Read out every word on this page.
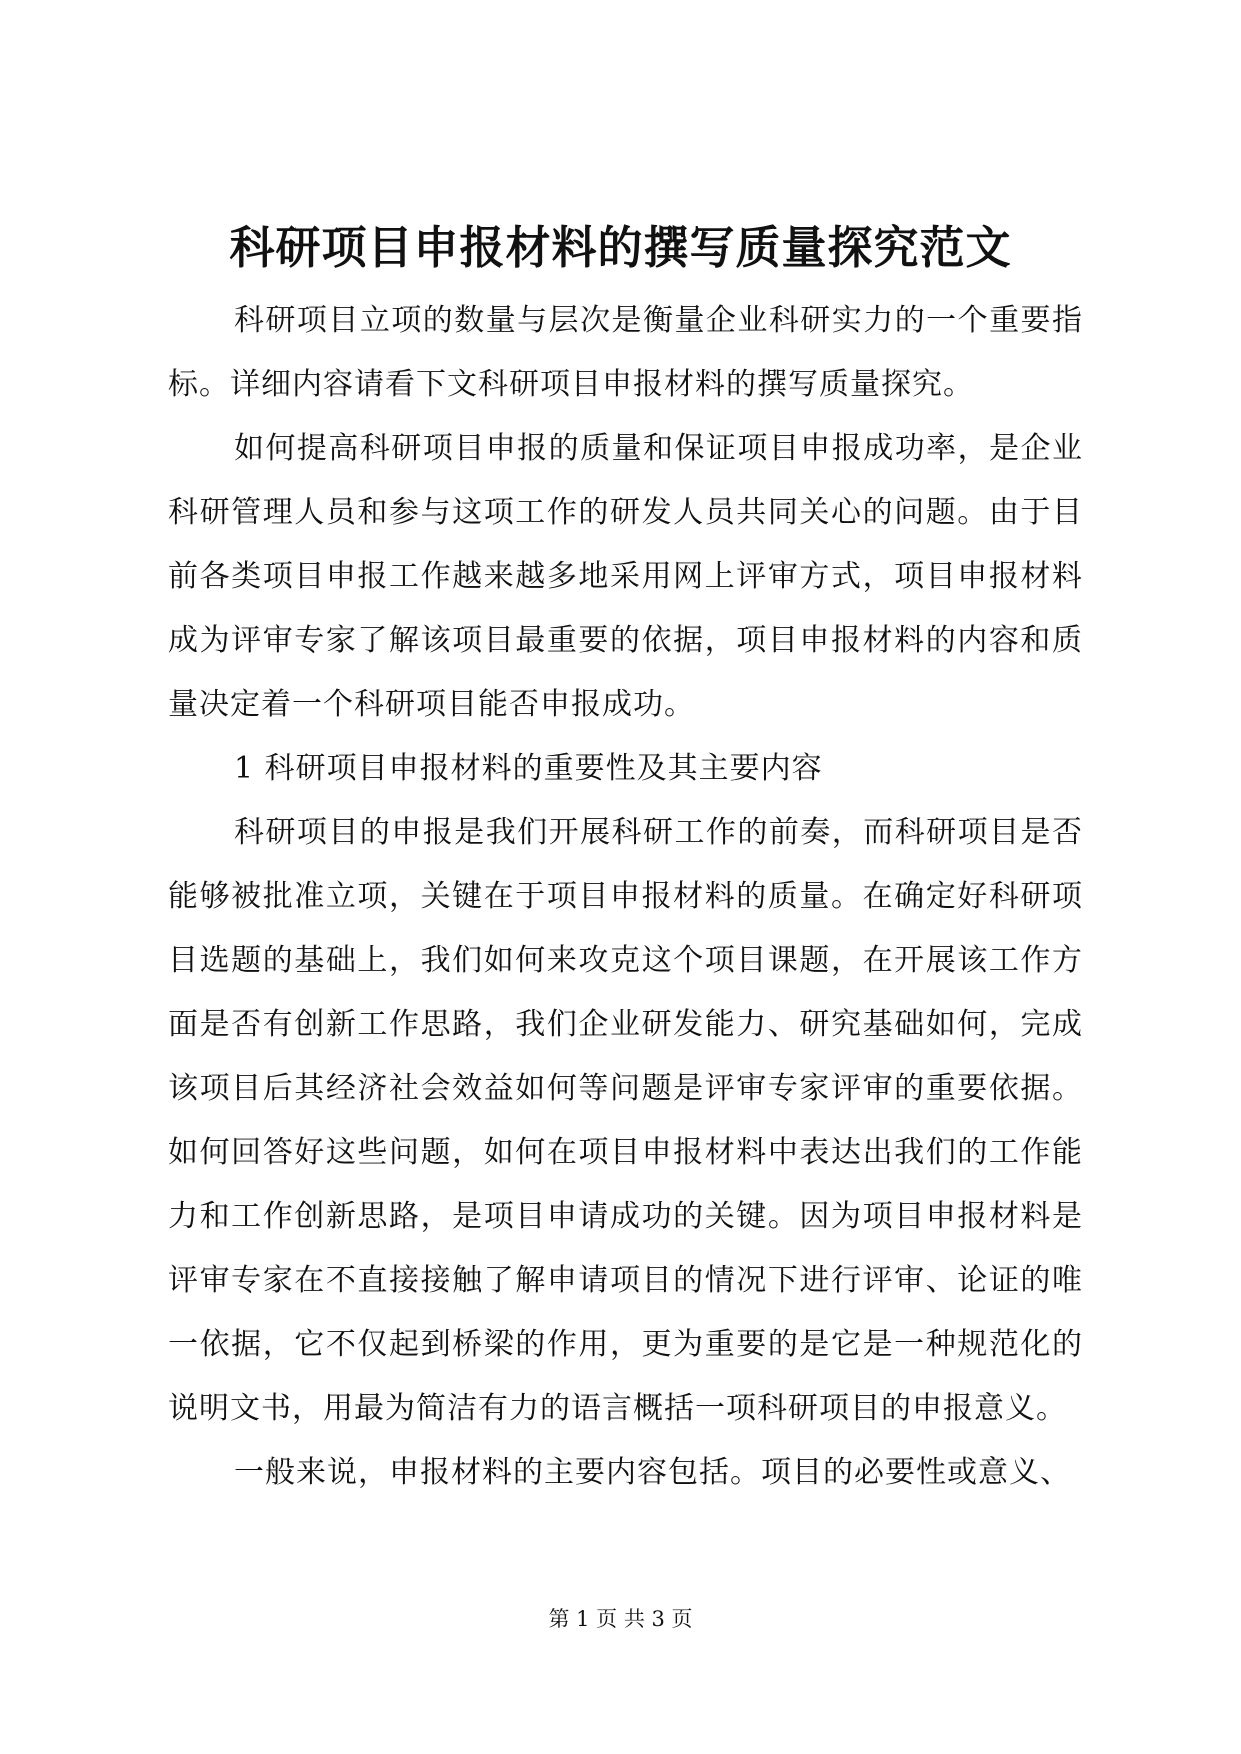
科研项目申报材料的撰写质量探究范文

科研项目立项的数量与层次是衡量企业科研实力的一个重要指标。详细内容请看下文科研项目申报材料的撰写质量探究。

如何提高科研项目申报的质量和保证项目申报成功率，是企业科研管理人员和参与这项工作的研发人员共同关心的问题。由于目前各类项目申报工作越来越多地采用网上评审方式，项目申报材料成为评审专家了解该项目最重要的依据，项目申报材料的内容和质量决定着一个科研项目能否申报成功。

1 科研项目申报材料的重要性及其主要内容

科研项目的申报是我们开展科研工作的前奏，而科研项目是否能够被批准立项，关键在于项目申报材料的质量。在确定好科研项目选题的基础上，我们如何来攻克这个项目课题，在开展该工作方面是否有创新工作思路，我们企业研发能力、研究基础如何，完成该项目后其经济社会效益如何等问题是评审专家评审的重要依据。如何回答好这些问题，如何在项目申报材料中表达出我们的工作能力和工作创新思路，是项目申请成功的关键。因为项目申报材料是评审专家在不直接接触了解申请项目的情况下进行评审、论证的唯一依据，它不仅起到桥梁的作用，更为重要的是它是一种规范化的说明文书，用最为简洁有力的语言概括一项科研项目的申报意义。

一般来说，申报材料的主要内容包括。项目的必要性或意义、

第 1 页 共 3 页
